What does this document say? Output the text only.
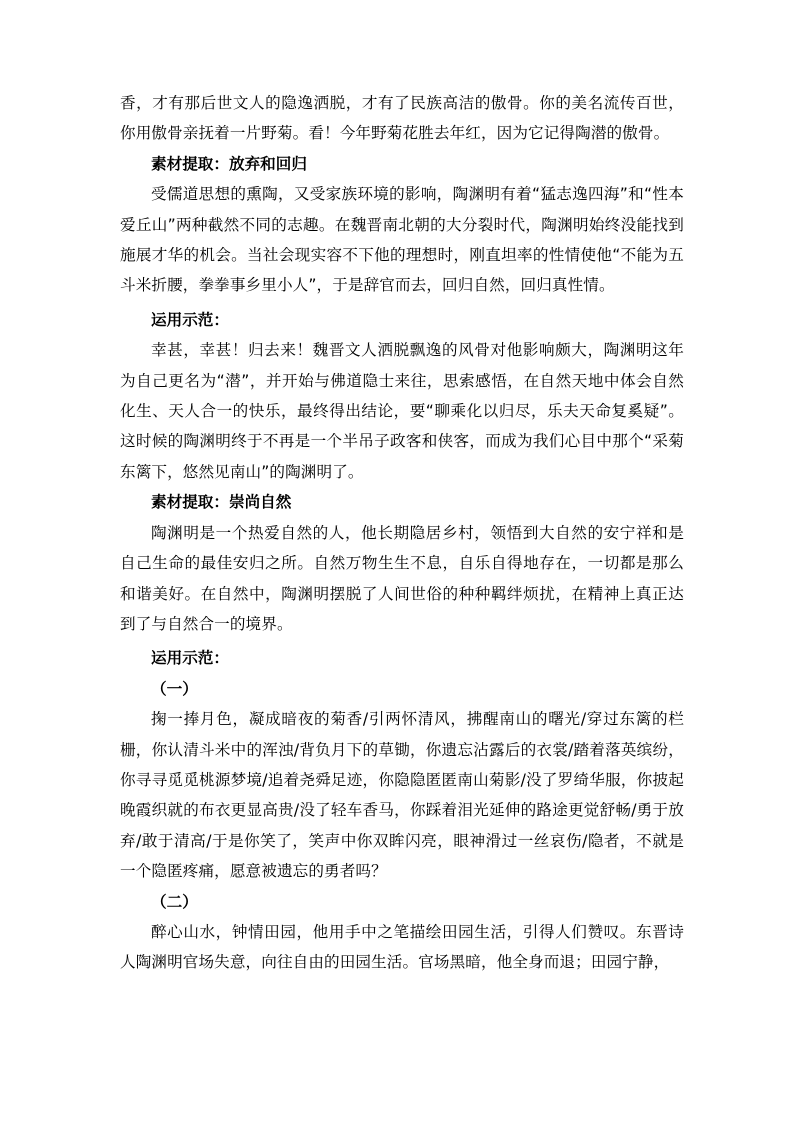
香，才有那后世文人的隐逸洒脱，才有了民族高洁的傲骨。你的美名流传百世，你用傲骨亲抚着一片野菊。看！今年野菊花胜去年红，因为它记得陶潜的傲骨。

素材提取：放弃和回归

受儒道思想的熏陶，又受家族环境的影响，陶渊明有着“猛志逸四海”和“性本爱丘山”两种截然不同的志趣。在魏晋南北朝的大分裂时代，陶渊明始终没能找到施展才华的机会。当社会现实容不下他的理想时，刚直坦率的性情使他“不能为五斗米折腰，拳拳事乡里小人”，于是辞官而去，回归自然，回归真性情。

运用示范：

幸甚，幸甚！归去来！魏晋文人洒脱飘逸的风骨对他影响颇大，陶渊明这年为自己更名为“潜”，并开始与佛道隐士来往，思索感悟，在自然天地中体会自然化生、天人合一的快乐，最终得出结论，要“聊乘化以归尽，乐夫天命复奚疑”。这时候的陶渊明终于不再是一个半吊子政客和侠客，而成为我们心目中那个“采菊东篱下，悠然见南山”的陶渊明了。

素材提取：崇尚自然

陶渊明是一个热爱自然的人，他长期隐居乡村，领悟到大自然的安宁祥和是自己生命的最佳安归之所。自然万物生生不息，自乐自得地存在，一切都是那么和谐美好。在自然中，陶渊明摆脱了人间世俗的种种羁绊烦扰，在精神上真正达到了与自然合一的境界。

运用示范：

（一）

掬一捧月色，凝成暗夜的菊香/引两怀清风，拂醒南山的曙光/穿过东篱的栏栅，你认清斗米中的浑浊/背负月下的草锄，你遗忘沾露后的衣裳/踏着落英缤纷，你寻寻觅觅桃源梦境/追着尧舜足迹，你隐隐匿匿南山菊影/没了罗绮华服，你披起晚霞织就的布衣更显高贵/没了轻车香马，你踩着泪光延伸的路途更觉舒畅/勇于放弃/敢于清高/于是你笑了，笑声中你双眸闪亮，眼神滑过一丝哀伤/隐者，不就是一个隐匿疼痛，愿意被遗忘的勇者吗？

（二）

醉心山水，钟情田园，他用手中之笔描绘田园生活，引得人们赞叹。东晋诗人陶渊明官场失意，向往自由的田园生活。官场黑暗，他全身而退；田园宁静，
